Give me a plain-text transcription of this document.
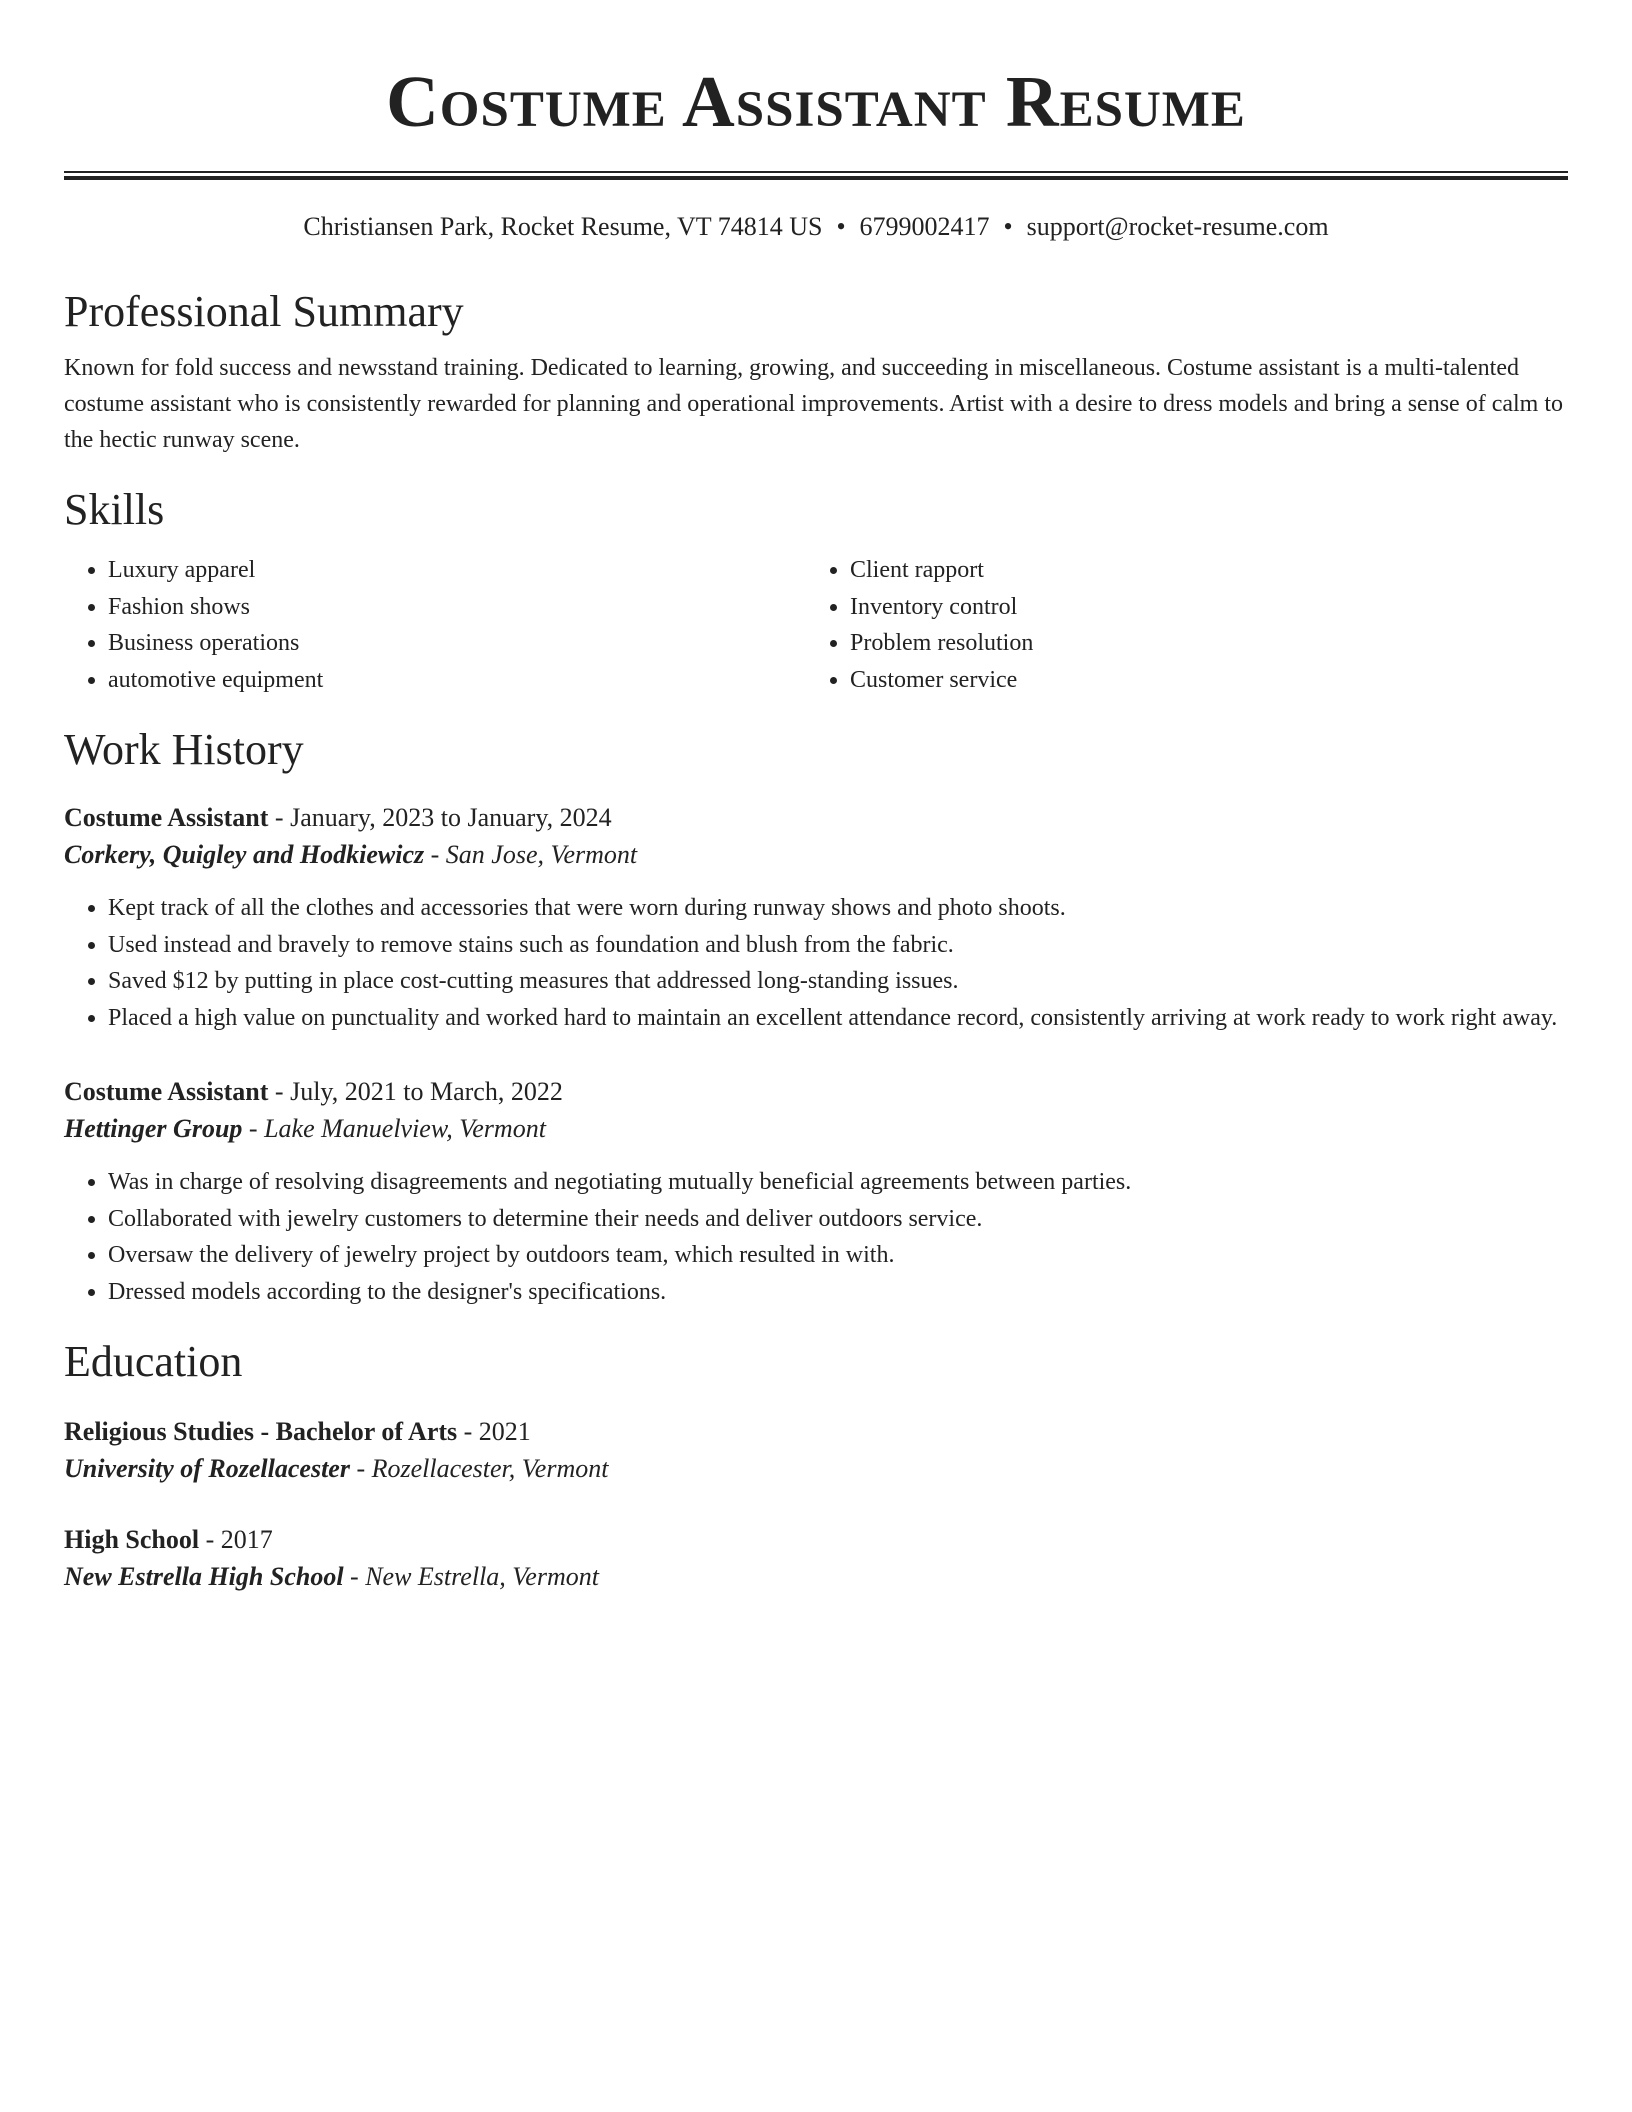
Costume Assistant Resume
Christiansen Park, Rocket Resume, VT 74814 US • 6799002417 • support@rocket-resume.com
Professional Summary

Known for fold success and newsstand training. Dedicated to learning, growing, and succeeding in miscellaneous. Costume assistant is a multi-talented costume assistant who is consistently rewarded for planning and operational improvements. Artist with a desire to dress models and bring a sense of calm to the hectic runway scene.

Skills
• Luxury apparel
• Fashion shows
• Business operations
• automotive equipment
• Client rapport
• Inventory control
• Problem resolution
• Customer service
Work History
Costume Assistant - January, 2023 to January, 2024
Corkery, Quigley and Hodkiewicz - San Jose, Vermont
• Kept track of all the clothes and accessories that were worn during runway shows and photo shoots.
• Used instead and bravely to remove stains such as foundation and blush from the fabric.
• Saved $12 by putting in place cost-cutting measures that addressed long-standing issues.
• Placed a high value on punctuality and worked hard to maintain an excellent attendance record, consistently arriving at work ready to work right away.
Costume Assistant - July, 2021 to March, 2022
Hettinger Group - Lake Manuelview, Vermont
• Was in charge of resolving disagreements and negotiating mutually beneficial agreements between parties.
• Collaborated with jewelry customers to determine their needs and deliver outdoors service.
• Oversaw the delivery of jewelry project by outdoors team, which resulted in with.
• Dressed models according to the designer's specifications.
Education
Religious Studies - Bachelor of Arts - 2021
University of Rozellacester - Rozellacester, Vermont
High School - 2017
New Estrella High School - New Estrella, Vermont
